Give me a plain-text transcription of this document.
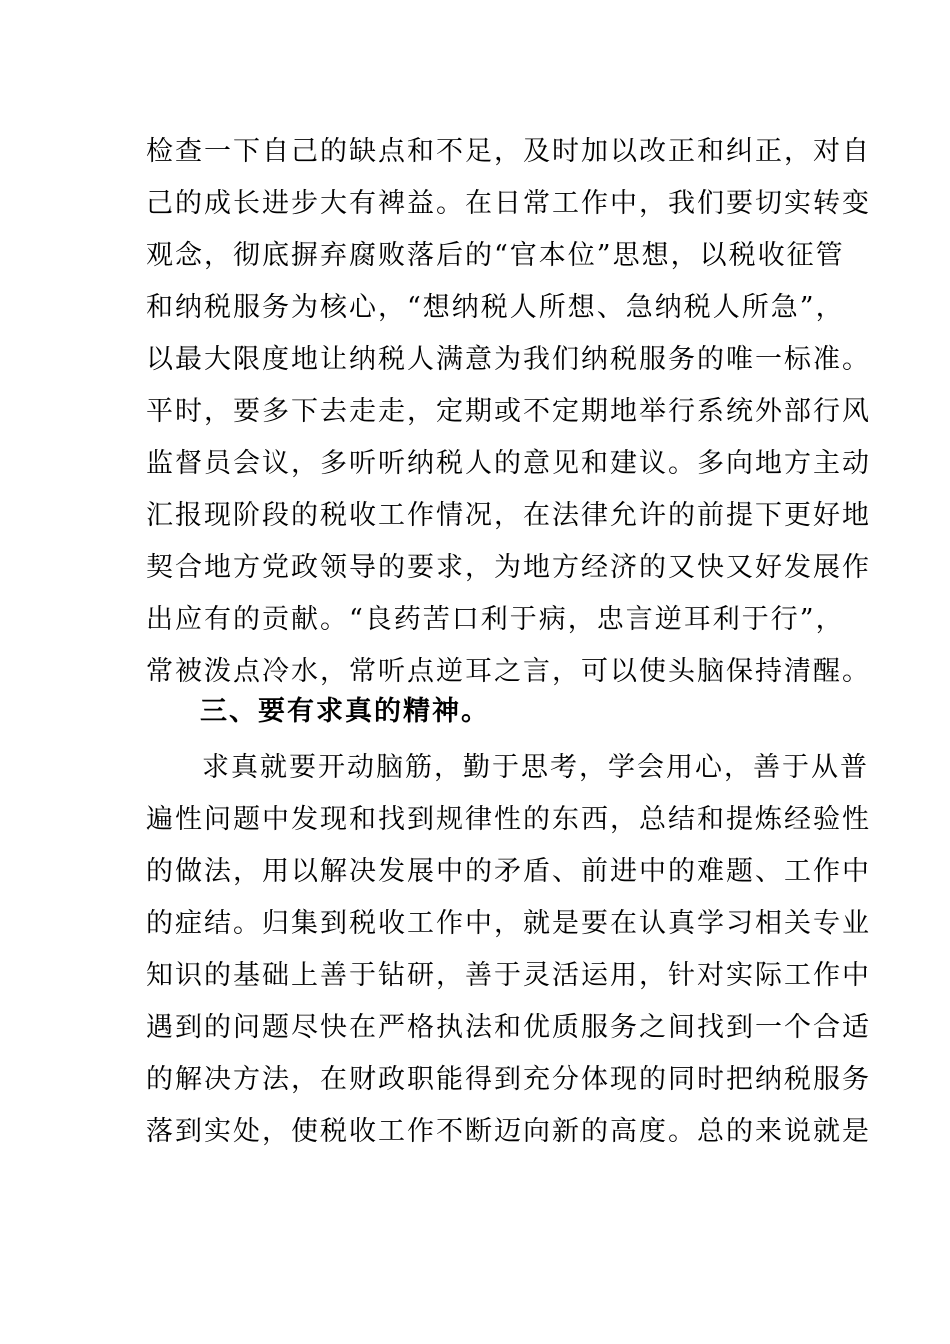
检查一下自己的缺点和不足，及时加以改正和纠正，对自
己的成长进步大有裨益。在日常工作中，我们要切实转变
观念，彻底摒弃腐败落后的“官本位”思想，以税收征管
和纳税服务为核心，“想纳税人所想、急纳税人所急”，
以最大限度地让纳税人满意为我们纳税服务的唯一标准。
平时，要多下去走走，定期或不定期地举行系统外部行风
监督员会议，多听听纳税人的意见和建议。多向地方主动
汇报现阶段的税收工作情况，在法律允许的前提下更好地
契合地方党政领导的要求，为地方经济的又快又好发展作
出应有的贡献。“良药苦口利于病，忠言逆耳利于行”，
常被泼点冷水，常听点逆耳之言，可以使头脑保持清醒。
三、要有求真的精神。
求真就要开动脑筋，勤于思考，学会用心，善于从普
遍性问题中发现和找到规律性的东西，总结和提炼经验性
的做法，用以解决发展中的矛盾、前进中的难题、工作中
的症结。归集到税收工作中，就是要在认真学习相关专业
知识的基础上善于钻研，善于灵活运用，针对实际工作中
遇到的问题尽快在严格执法和优质服务之间找到一个合适
的解决方法，在财政职能得到充分体现的同时把纳税服务
落到实处，使税收工作不断迈向新的高度。总的来说就是
